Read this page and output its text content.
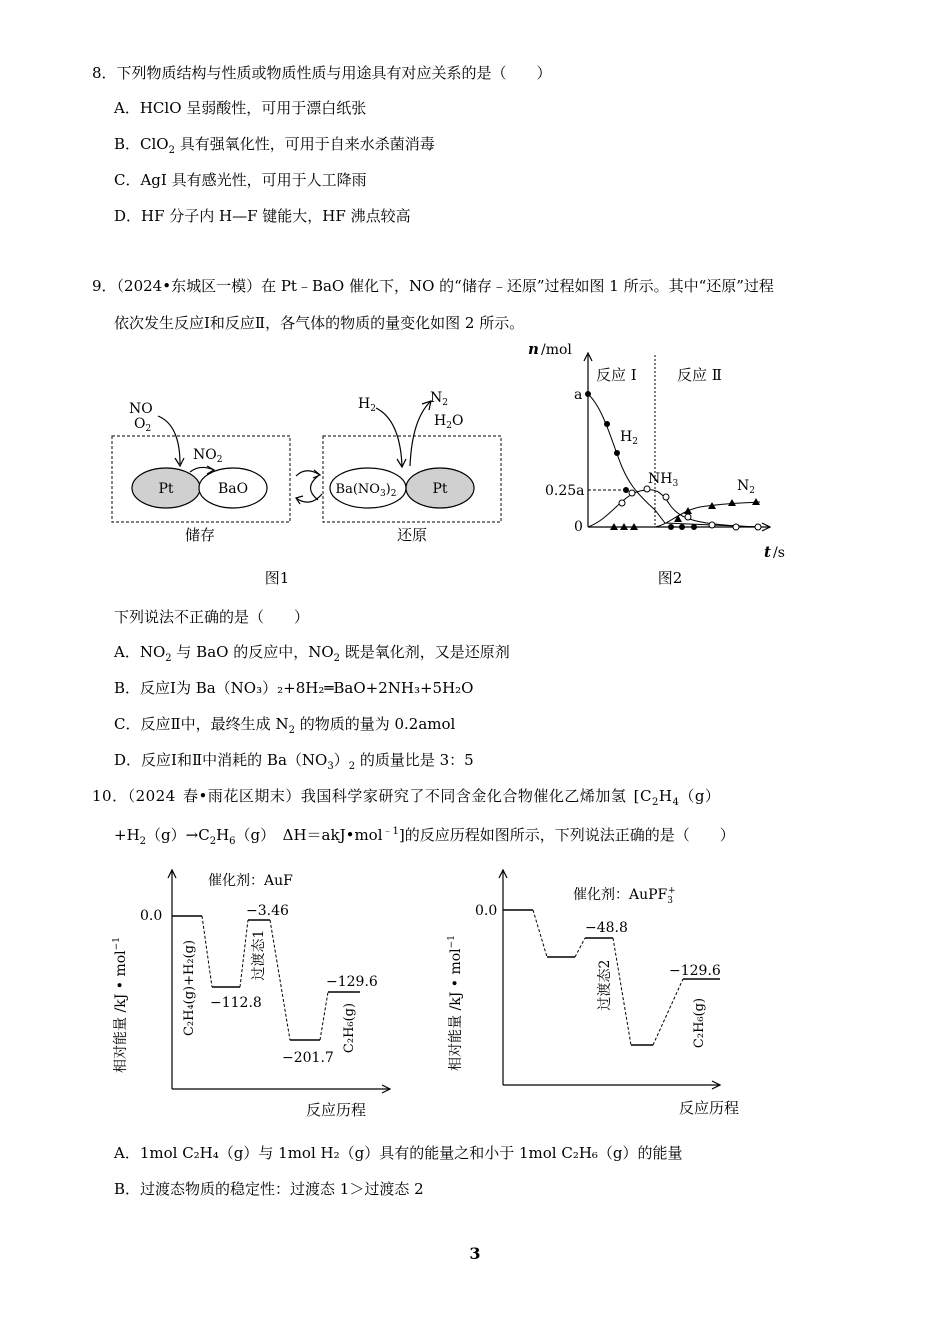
8．下列物质结构与性质或物质性质与用途具有对应关系的是（　　）
A．HClO 呈弱酸性，可用于漂白纸张
B．ClO$_2$ 具有强氧化性，可用于自来水杀菌消毒
C．AgI 具有感光性，可用于人工降雨
D．HF 分子内 H—F 键能大，HF 沸点较高
9．（2024•东城区一模）在 Pt﹣BaO 催化下，NO 的“储存﹣还原”过程如图 1 所示。其中“还原”过程
依次发生反应Ⅰ和反应Ⅱ，各气体的物质的量变化如图 2 所示。
Pt	BaO
NO
$O_2$
$NO_2$
储存
$Ba(NO_3)_2$	Pt
$H_2$
$N_2$
$H_2O$
还原
图1
n /mol
t /s
a
0.25a
0
反应 Ⅰ	反应 Ⅱ
$H_2$
$NH_3$	$N_2$
图2
下列说法不正确的是（　　）
A．$NO_2$ 与 BaO 的反应中，$NO_2$ 既是氧化剂，又是还原剂
B．反应Ⅰ为 Ba（NO₃）₂+8H₂═BaO+2NH₃+5H₂O
C．反应Ⅱ中，最终生成 $N_2$ 的物质的量为 0.2amol
D．反应Ⅰ和Ⅱ中消耗的 $Ba(NO_3)_2$ 的质量比是 3：5
10．（2024 春•雨花区期末）我国科学家研究了不同含金化合物催化乙烯加氢 [$C_2H_4(g)$
$+H_2(g)\to C_2H_6(g)$　ΔH＝akJ•mol$^{﹣1}$]的反应历程如图所示，下列说法正确的是（　　）
相对能量 /kJ • mol$^{-1}$
反应历程
催化剂：AuF
0.0
−112.8
−3.46
−201.7
−129.6
过渡态1
C₂H₄(g)+H₂(g)	C₂H₆(g)	相对能量 /kJ • mol$^{-1}$
反应历程
催化剂：AuPF$_3$+
0.0
−48.8
−129.6
过渡态2
C₂H₆(g)
A．1mol C₂H₄（g）与 1mol H₂（g）具有的能量之和小于 1mol C₂H₆（g）的能量
B．过渡态物质的稳定性：过渡态 1＞过渡态 2
3
